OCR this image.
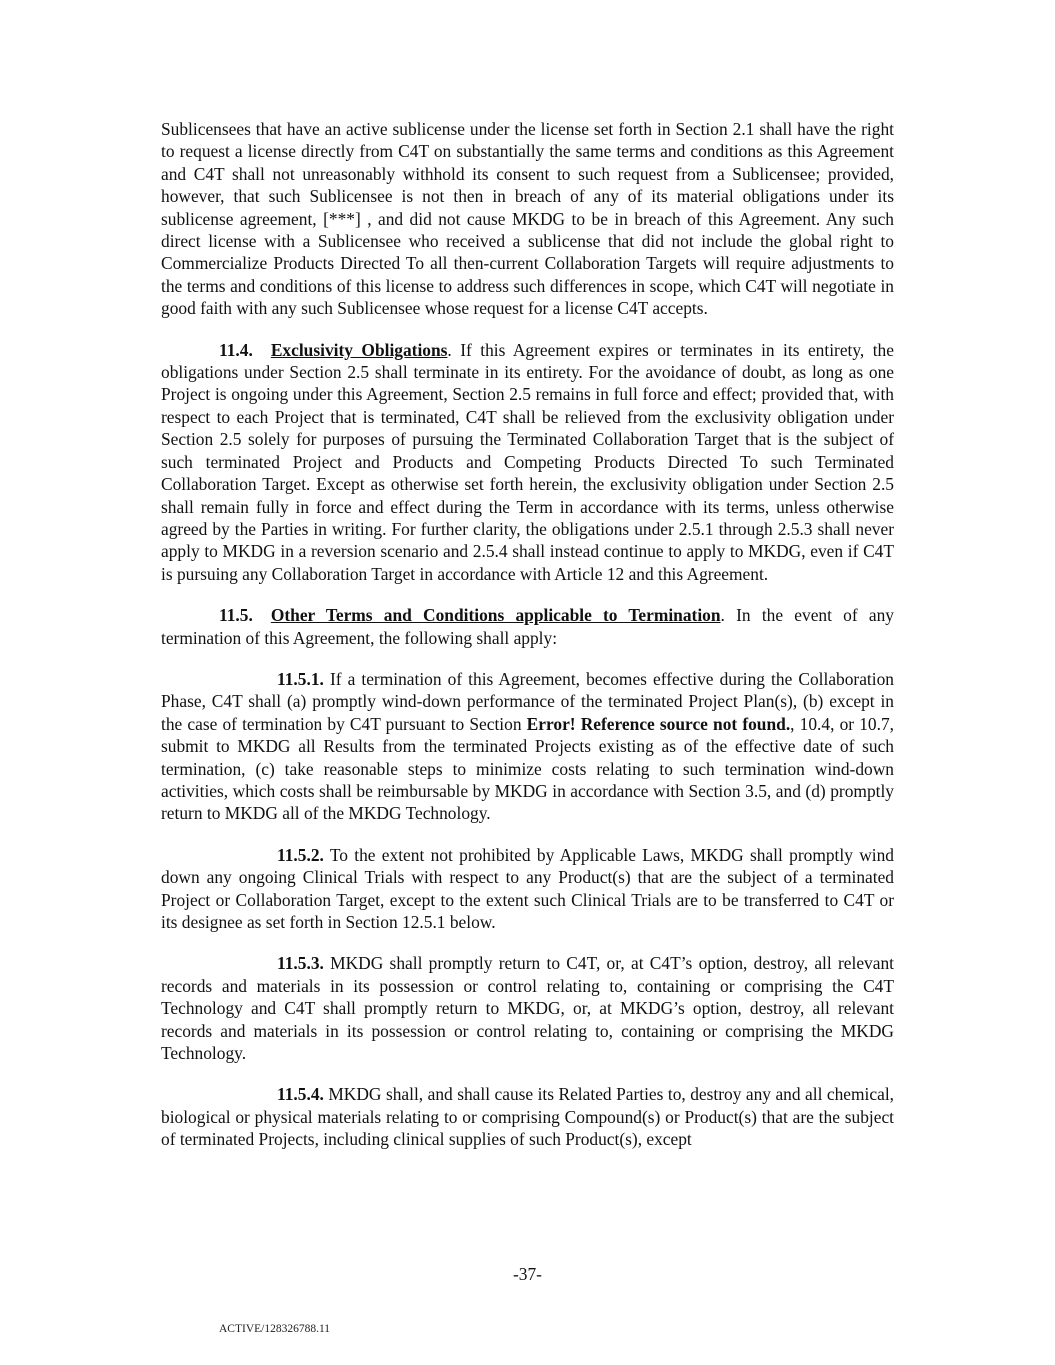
Sublicensees that have an active sublicense under the license set forth in Section 2.1 shall have the right to request a license directly from C4T on substantially the same terms and conditions as this Agreement and C4T shall not unreasonably withhold its consent to such request from a Sublicensee; provided, however, that such Sublicensee is not then in breach of any of its material obligations under its sublicense agreement, [***] , and did not cause MKDG to be in breach of this Agreement. Any such direct license with a Sublicensee who received a sublicense that did not include the global right to Commercialize Products Directed To all then-current Collaboration Targets will require adjustments to the terms and conditions of this license to address such differences in scope, which C4T will negotiate in good faith with any such Sublicensee whose request for a license C4T accepts.

11.4. Exclusivity Obligations. If this Agreement expires or terminates in its entirety, the obligations under Section 2.5 shall terminate in its entirety. For the avoidance of doubt, as long as one Project is ongoing under this Agreement, Section 2.5 remains in full force and effect; provided that, with respect to each Project that is terminated, C4T shall be relieved from the exclusivity obligation under Section 2.5 solely for purposes of pursuing the Terminated Collaboration Target that is the subject of such terminated Project and Products and Competing Products Directed To such Terminated Collaboration Target. Except as otherwise set forth herein, the exclusivity obligation under Section 2.5 shall remain fully in force and effect during the Term in accordance with its terms, unless otherwise agreed by the Parties in writing. For further clarity, the obligations under 2.5.1 through 2.5.3 shall never apply to MKDG in a reversion scenario and 2.5.4 shall instead continue to apply to MKDG, even if C4T is pursuing any Collaboration Target in accordance with Article 12 and this Agreement.

11.5. Other Terms and Conditions applicable to Termination. In the event of any termination of this Agreement, the following shall apply:

11.5.1. If a termination of this Agreement, becomes effective during the Collaboration Phase, C4T shall (a) promptly wind-down performance of the terminated Project Plan(s), (b) except in the case of termination by C4T pursuant to Section Error! Reference source not found., 10.4, or 10.7, submit to MKDG all Results from the terminated Projects existing as of the effective date of such termination, (c) take reasonable steps to minimize costs relating to such termination wind-down activities, which costs shall be reimbursable by MKDG in accordance with Section 3.5, and (d) promptly return to MKDG all of the MKDG Technology.

11.5.2. To the extent not prohibited by Applicable Laws, MKDG shall promptly wind down any ongoing Clinical Trials with respect to any Product(s) that are the subject of a terminated Project or Collaboration Target, except to the extent such Clinical Trials are to be transferred to C4T or its designee as set forth in Section 12.5.1 below.

11.5.3. MKDG shall promptly return to C4T, or, at C4T’s option, destroy, all relevant records and materials in its possession or control relating to, containing or comprising the C4T Technology and C4T shall promptly return to MKDG, or, at MKDG’s option, destroy, all relevant records and materials in its possession or control relating to, containing or comprising the MKDG Technology.

11.5.4. MKDG shall, and shall cause its Related Parties to, destroy any and all chemical, biological or physical materials relating to or comprising Compound(s) or Product(s) that are the subject of terminated Projects, including clinical supplies of such Product(s), except

-37-
ACTIVE/128326788.11
